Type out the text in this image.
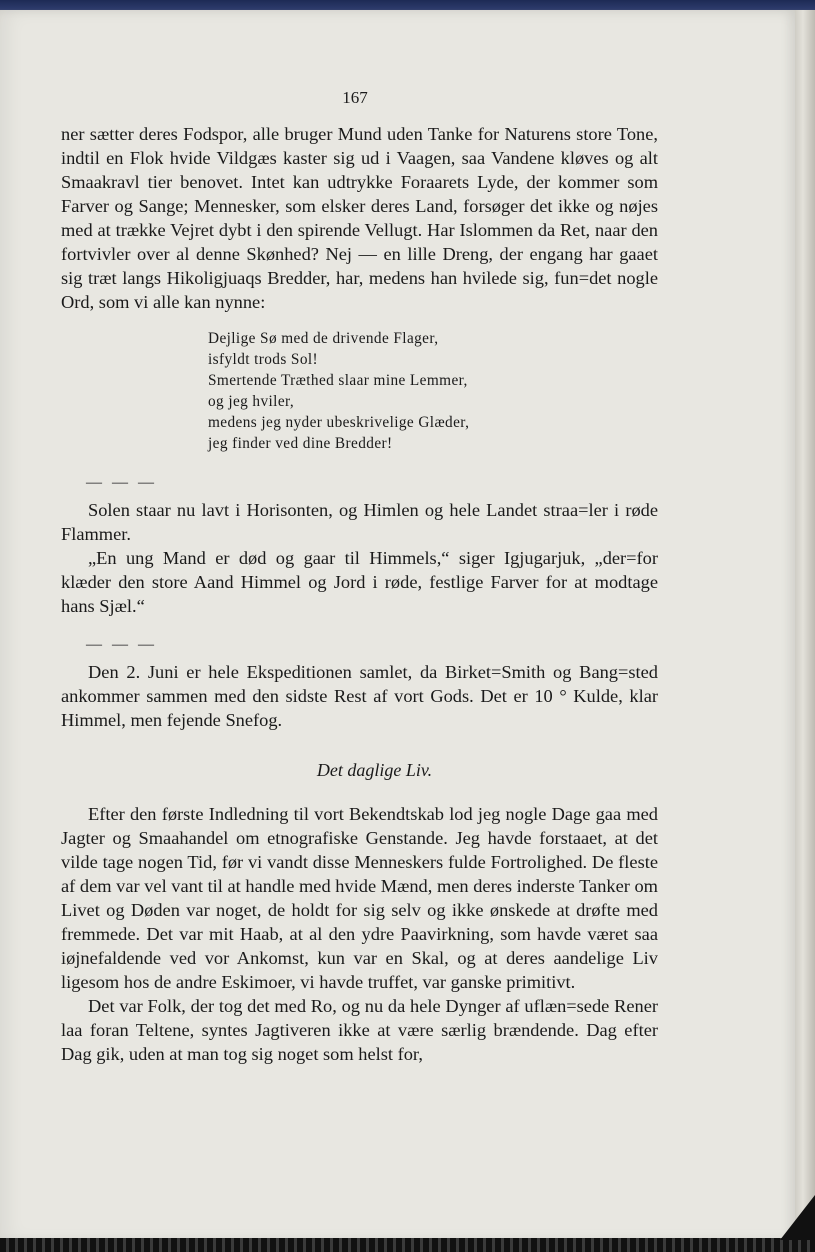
167

ner sætter deres Fodspor, alle bruger Mund uden Tanke for Naturens store Tone, indtil en Flok hvide Vildgæs kaster sig ud i Vaagen, saa Vandene kløves og alt Smaakravl tier benovet. Intet kan udtrykke Foraarets Lyde, der kommer som Farver og Sange; Mennesker, som elsker deres Land, forsøger det ikke og nøjes med at trække Vejret dybt i den spirende Vellugt. Har Islommen da Ret, naar den fortvivler over al denne Skønhed? Nej — en lille Dreng, der engang har gaaet sig træt langs Hikoligjuaqs Bredder, har, medens han hvilede sig, fun=det nogle Ord, som vi alle kan nynne:

Dejlige Sø med de drivende Flager,
isfyldt trods Sol!
Smertende Træthed slaar mine Lemmer,
og jeg hviler,
medens jeg nyder ubeskrivelige Glæder,
jeg finder ved dine Bredder!
— — —

Solen staar nu lavt i Horisonten, og Himlen og hele Landet straa=ler i røde Flammer.

„En ung Mand er død og gaar til Himmels,“ siger Igjugarjuk, „der=for klæder den store Aand Himmel og Jord i røde, festlige Farver for at modtage hans Sjæl.“

— — —

Den 2. Juni er hele Ekspeditionen samlet, da Birket=Smith og Bang=sted ankommer sammen med den sidste Rest af vort Gods. Det er 10 ° Kulde, klar Himmel, men fejende Snefog.

Det daglige Liv.

Efter den første Indledning til vort Bekendtskab lod jeg nogle Dage gaa med Jagter og Smaahandel om etnografiske Genstande. Jeg havde forstaaet, at det vilde tage nogen Tid, før vi vandt disse Menneskers fulde Fortrolighed. De fleste af dem var vel vant til at handle med hvide Mænd, men deres inderste Tanker om Livet og Døden var noget, de holdt for sig selv og ikke ønskede at drøfte med fremmede. Det var mit Haab, at al den ydre Paavirkning, som havde været saa iøjnefaldende ved vor Ankomst, kun var en Skal, og at deres aandelige Liv ligesom hos de andre Eskimoer, vi havde truffet, var ganske primitivt.

Det var Folk, der tog det med Ro, og nu da hele Dynger af uflæn=sede Rener laa foran Teltene, syntes Jagtiveren ikke at være særlig brændende. Dag efter Dag gik, uden at man tog sig noget som helst for,
